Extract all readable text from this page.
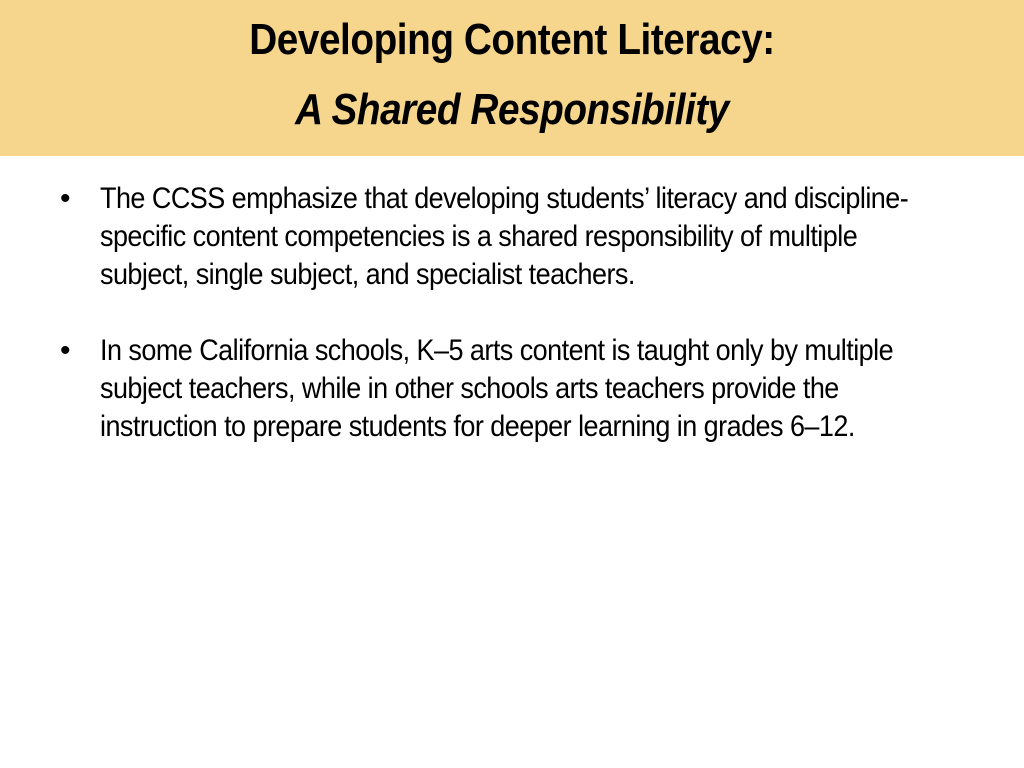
Developing Content Literacy:
A Shared Responsibility
• The CCSS emphasize that developing students’ literacy and discipline-specific content competencies is a shared responsibility of multiple subject, single subject, and specialist teachers.
• In some California schools, K–5 arts content is taught only by multiple subject teachers, while in other schools arts teachers provide the instruction to prepare students for deeper learning in grades 6–12.
